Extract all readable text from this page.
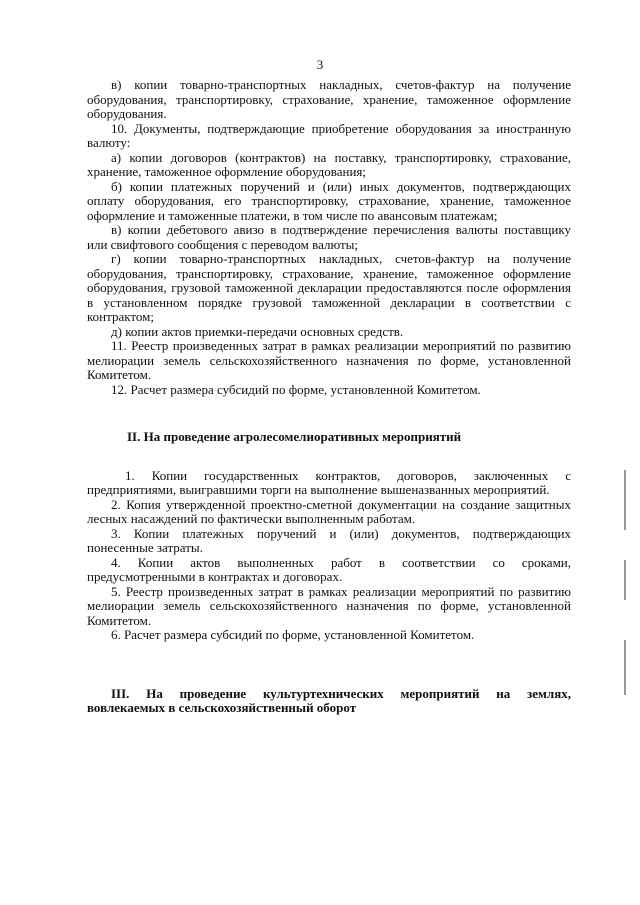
3

в) копии товарно-транспортных накладных, счетов-фактур на получение оборудования, транспортировку, страхование, хранение, таможенное оформление оборудования.

10. Документы, подтверждающие приобретение оборудования за иностранную валюту:

а) копии договоров (контрактов) на поставку, транспортировку, страхование, хранение, таможенное оформление оборудования;

б) копии платежных поручений и (или) иных документов, подтверждающих оплату оборудования, его транспортировку, страхование, хранение, таможенное оформление и таможенные платежи, в том числе по авансовым платежам;

в) копии дебетового авизо в подтверждение перечисления валюты поставщику или свифтового сообщения с переводом валюты;

г) копии товарно-транспортных накладных, счетов-фактур на получение оборудования, транспортировку, страхование, хранение, таможенное оформление оборудования, грузовой таможенной декларации предоставляются после оформления в установленном порядке грузовой таможенной декларации в соответствии с контрактом;

д) копии актов приемки-передачи основных средств.

11. Реестр произведенных затрат в рамках реализации мероприятий по развитию мелиорации земель сельскохозяйственного назначения по форме, установленной Комитетом.

12. Расчет размера субсидий по форме, установленной Комитетом.

II. На проведение агролесомелиоративных мероприятий

1. Копии государственных контрактов, договоров, заключенных с предприятиями, выигравшими торги на выполнение вышеназванных мероприятий.

2. Копия утвержденной проектно-сметной документации на создание защитных лесных насаждений по фактически выполненным работам.

3. Копии платежных поручений и (или) документов, подтверждающих понесенные затраты.

4. Копии актов выполненных работ в соответствии со сроками, предусмотренными в контрактах и договорах.

5. Реестр произведенных затрат в рамках реализации мероприятий по развитию мелиорации земель сельскохозяйственного назначения по форме, установленной Комитетом.

6. Расчет размера субсидий по форме, установленной Комитетом.

III. На проведение культуртехнических мероприятий на землях, вовлекаемых в сельскохозяйственный оборот
